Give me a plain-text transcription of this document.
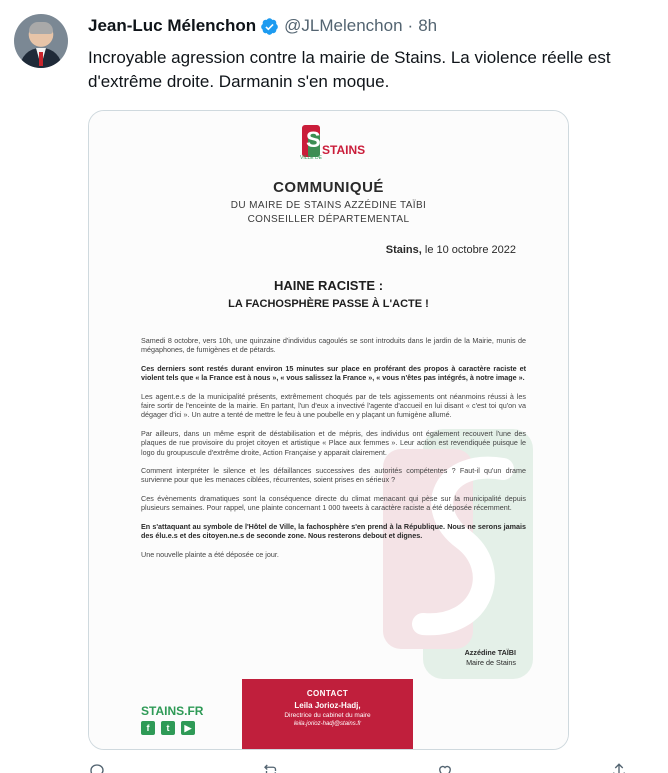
Jean-Luc Mélenchon @JLMelenchon · 8h
Incroyable agression contre la mairie de Stains. La violence réelle est d'extrême droite. Darmanin s'en moque.
S STAINS
VILLE DE
COMMUNIQUÉ
DU MAIRE DE STAINS AZZÉDINE TAÏBI
CONSEILLER DÉPARTEMENTAL
Stains, le 10 octobre 2022
HAINE RACISTE :
LA FACHOSPHÈRE PASSE À L'ACTE !

Samedi 8 octobre, vers 10h, une quinzaine d'individus cagoulés se sont introduits dans le jardin de la Mairie, munis de mégaphones, de fumigènes et de pétards.

Ces derniers sont restés durant environ 15 minutes sur place en proférant des propos à caractère raciste et violent tels que « la France est à nous », « vous salissez la France », « vous n'êtes pas intégrés, à notre image ».

Les agent.e.s de la municipalité présents, extrêmement choqués par de tels agissements ont néanmoins réussi à les faire sortir de l'enceinte de la mairie. En partant, l'un d'eux a invectivé l'agente d'accueil en lui disant « c'est toi qu'on va dégager d'ici ». Un autre a tenté de mettre le feu à une poubelle en y plaçant un fumigène allumé.

Par ailleurs, dans un même esprit de déstabilisation et de mépris, des individus ont également recouvert l'une des plaques de rue provisoire du projet citoyen et artistique « Place aux femmes ». Leur action est revendiquée puisque le logo du groupuscule d'extrême droite, Action Française y apparait clairement.

Comment interpréter le silence et les défaillances successives des autorités compétentes ? Faut-il qu'un drame survienne pour que les menaces ciblées, récurrentes, soient prises en sérieux ?

Ces évènements dramatiques sont la conséquence directe du climat menacant qui pèse sur la municipalité depuis plusieurs semaines. Pour rappel, une plainte concernant 1 000 tweets à caractère raciste a été déposée récemment.

En s'attaquant au symbole de l'Hôtel de Ville, la fachosphère s'en prend à la République. Nous ne serons jamais des élu.e.s et des citoyen.ne.s de seconde zone. Nous resterons debout et dignes.

Une nouvelle plainte a été déposée ce jour.

Azzédine TAÏBI
Maire de Stains
STAINS.FR
f	t	▶
CONTACT
Leila Jorioz-Hadj,
Directrice du cabinet du maire
leila.jorioz-hadj@stains.fr
